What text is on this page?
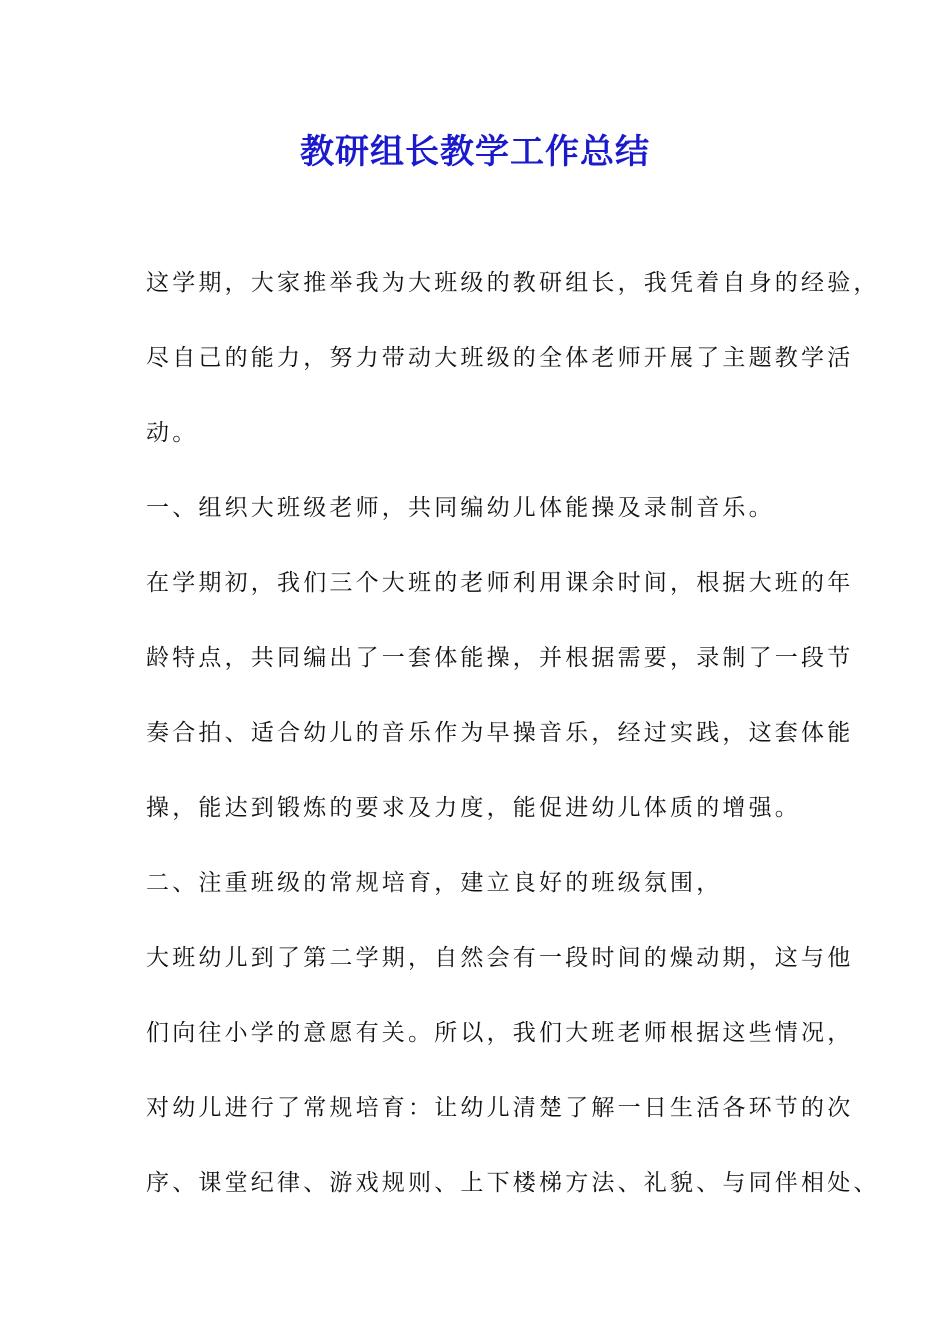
教研组长教学工作总结

这学期，大家推举我为大班级的教研组长，我凭着自身的经验，

尽自己的能力，努力带动大班级的全体老师开展了主题教学活

动。

一、组织大班级老师，共同编幼儿体能操及录制音乐。

在学期初，我们三个大班的老师利用课余时间，根据大班的年

龄特点，共同编出了一套体能操，并根据需要，录制了一段节

奏合拍、适合幼儿的音乐作为早操音乐，经过实践，这套体能

操，能达到锻炼的要求及力度，能促进幼儿体质的增强。

二、注重班级的常规培育，建立良好的班级氛围，

大班幼儿到了第二学期，自然会有一段时间的燥动期，这与他

们向往小学的意愿有关。所以，我们大班老师根据这些情况，

对幼儿进行了常规培育：让幼儿清楚了解一日生活各环节的次

序、课堂纪律、游戏规则、上下楼梯方法、礼貌、与同伴相处、
